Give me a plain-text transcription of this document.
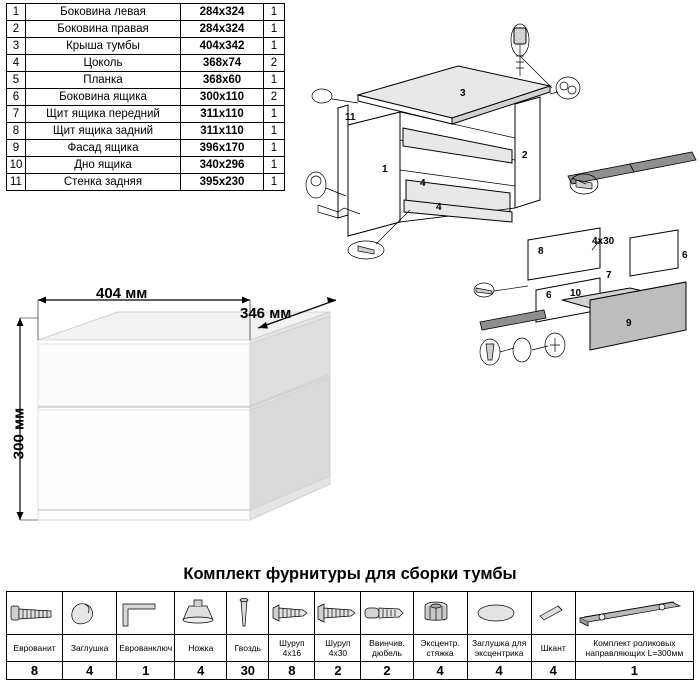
1	Боковина левая	284х324	1
2	Боковина правая	284х324	1
3	Крыша тумбы	404х342	1
4	Цоколь	368х74	2
5	Планка	368х60	1
6	Боковина ящика	300х110	2
7	Щит ящика передний	311х110	1
8	Щит ящика задний	311х110	1
9	Фасад ящика	396х170	1
10	Дно ящика	340х296	1
11	Стенка задняя	395х230	1
11
1
2
3
4
6
6
7
8
9
10
4x30
4
404 мм
346 мм
300 мм
Комплект фурнитуры для сборки тумбы

Еврованит	Заглушка	Еврованключ	Ножка	Гвоздь	Шуруп 4х16	Шуруп 4х30	Ввинчив. дюбель	Эксцентр. стяжка	Заглушка для эксцентрика	Шкант	Комплект роликовых направляющих L=300мм
8	4	1	4	30	8	2	2	4	4	4	1
